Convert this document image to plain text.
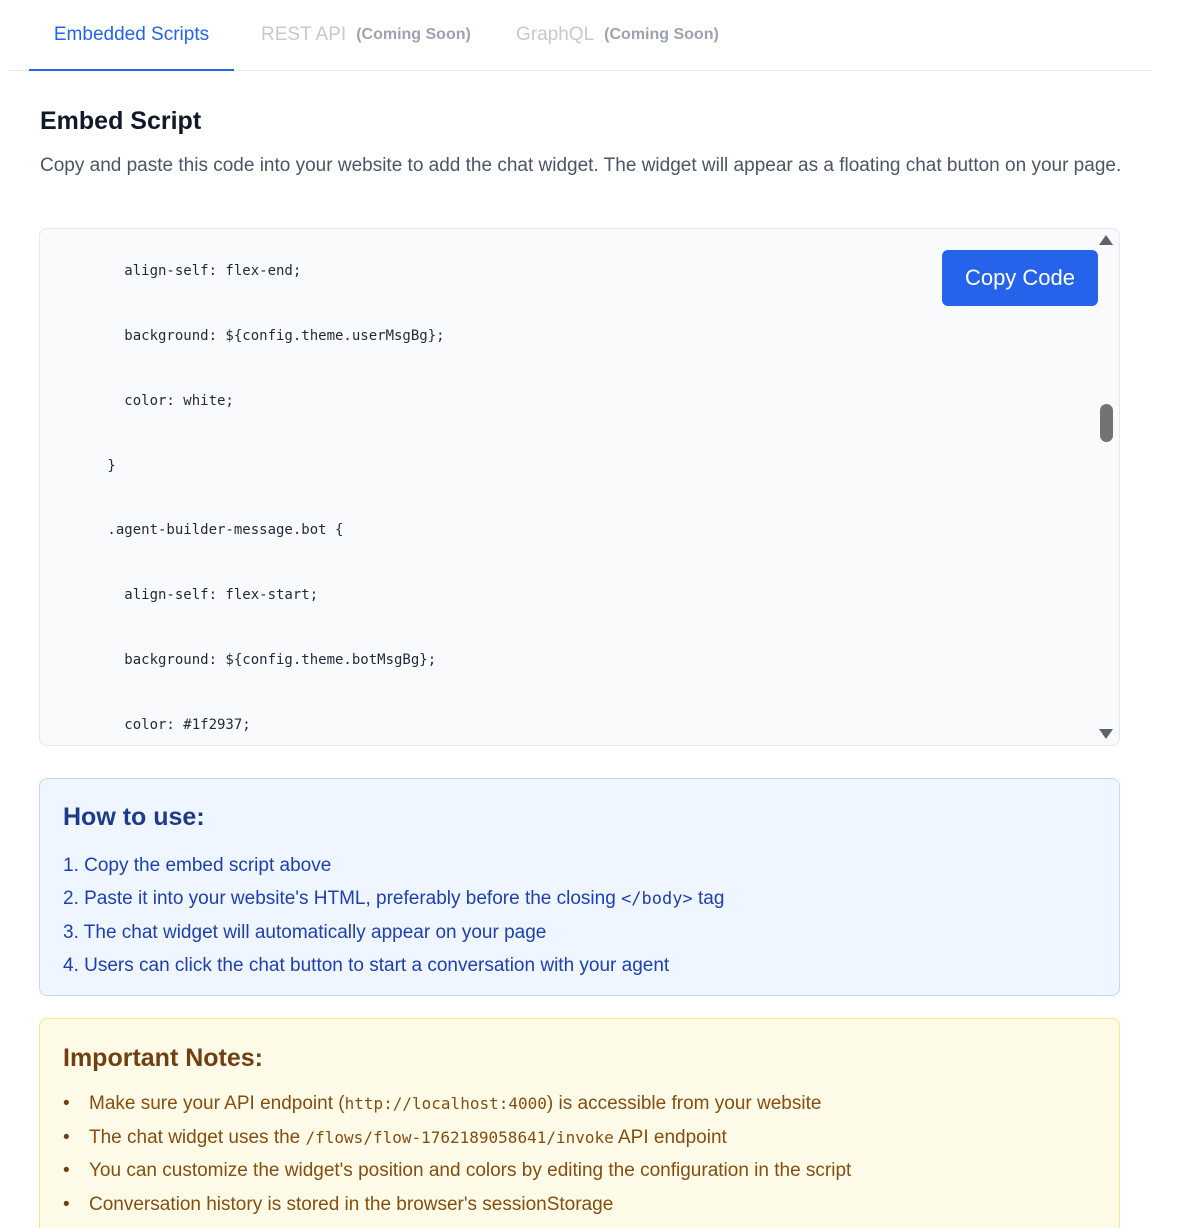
Embedded Scripts	REST API (Coming Soon) GraphQL (Coming Soon)
Embed Script

Copy and paste this code into your website to add the chat widget. The widget will appear as a floating chat button on your page.

align-self: flex-end;

background: ${config.theme.userMsgBg};

color: white;

}

.agent-builder-message.bot {

align-self: flex-start;

background: ${config.theme.botMsgBg};

color: #1f2937;

Copy Code
How to use:
1. Copy the embed script above
2. Paste it into your website's HTML, preferably before the closing </body> tag
3. The chat widget will automatically appear on your page
4. Users can click the chat button to start a conversation with your agent
Important Notes:
• Make sure your API endpoint (http://localhost:4000) is accessible from your website
• The chat widget uses the /flows/flow-1762189058641/invoke API endpoint
• You can customize the widget's position and colors by editing the configuration in the script
• Conversation history is stored in the browser's sessionStorage
